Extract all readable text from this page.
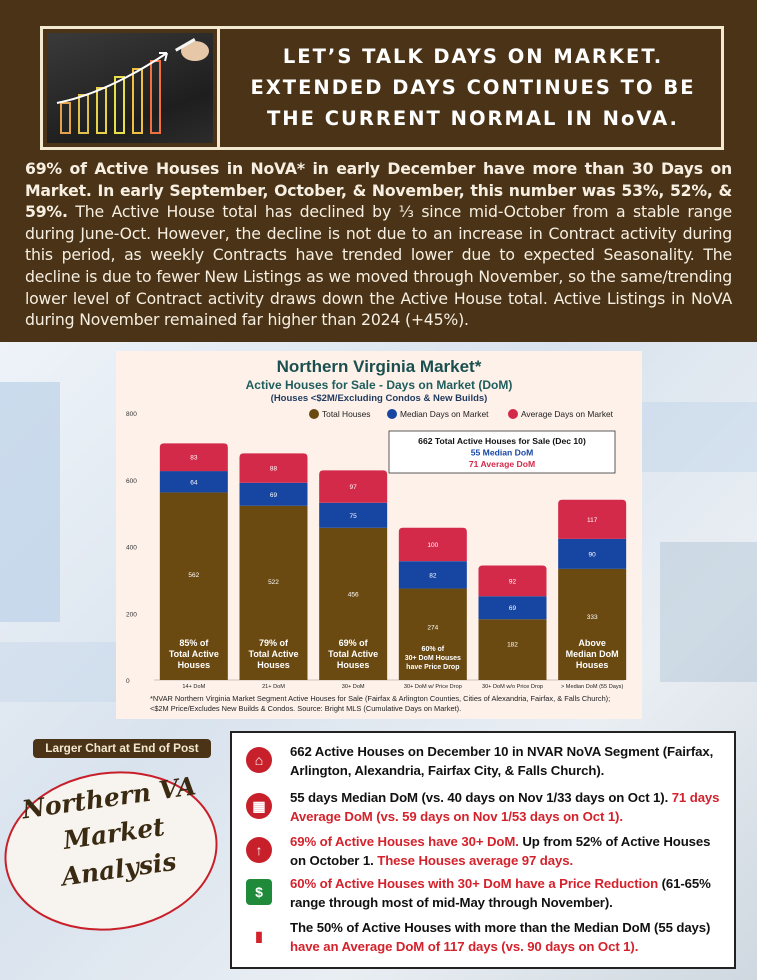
LET’S TALK DAYS ON MARKET.
EXTENDED DAYS CONTINUES TO BE
THE CURRENT NORMAL IN NoVA.

69% of Active Houses in NoVA* in early December have more than 30 Days on Market. In early September, October, & November, this number was 53%, 52%, & 59%. The Active House total has declined by ⅓ since mid-October from a stable range during June-Oct. However, the decline is not due to an increase in Contract activity during this period, as weekly Contracts have trended lower due to expected Seasonality. The decline is due to fewer New Listings as we moved through November, so the same/trending lower level of Contract activity draws down the Active House total. Active Listings in NoVA during November remained far higher than 2024 (+45%).

Northern Virginia Market*
Active Houses for Sale - Days on Market (DoM)
(Houses <$2M/Excluding Condos & New Builds)
0
200
400
600
800	Total Houses	Median Days on Market	Average Days on Market
562
64
83
85% of
Total Active
Houses
14+ DoM
522
69
88
79% of
Total Active
Houses
21+ DoM
456
75
97
69% of
Total Active
Houses
30+ DoM
274
82
100
60% of
30+ DoM Houses
have Price Drop
30+ DoM w/ Price Drop
182
69
92
30+ DoM w/o Price Drop
333
90
117
Above
Median DoM
Houses
> Median DoM (55 Days)
662 Total Active Houses for Sale (Dec 10)
55 Median DoM
71 Average DoM
*NVAR Northern Virginia Market Segment Active Houses for Sale (Fairfax & Arlington Counties, Cities of Alexandria, Fairfax, & Falls Church); <$2M Price/Excludes New Builds & Condos. Source: Bright MLS (Cumulative Days on Market).
Larger Chart at End of Post
Northern VA
Market
Analysis
⌂
662 Active Houses on December 10 in NVAR NoVA Segment (Fairfax, Arlington, Alexandria, Fairfax City, & Falls Church).
▦
55 days Median DoM (vs. 40 days on Nov 1/33 days on Oct 1). 71 days Average DoM (vs. 59 days on Nov 1/53 days on Oct 1).
↑
69% of Active Houses have 30+ DoM. Up from 52% of Active Houses on October 1. These Houses average 97 days.
$
60% of Active Houses with 30+ DoM have a Price Reduction (61-65% range through most of mid-May through November).
▮
The 50% of Active Houses with more than the Median DoM (55 days) have an Average DoM of 117 days (vs. 90 days on Oct 1).
